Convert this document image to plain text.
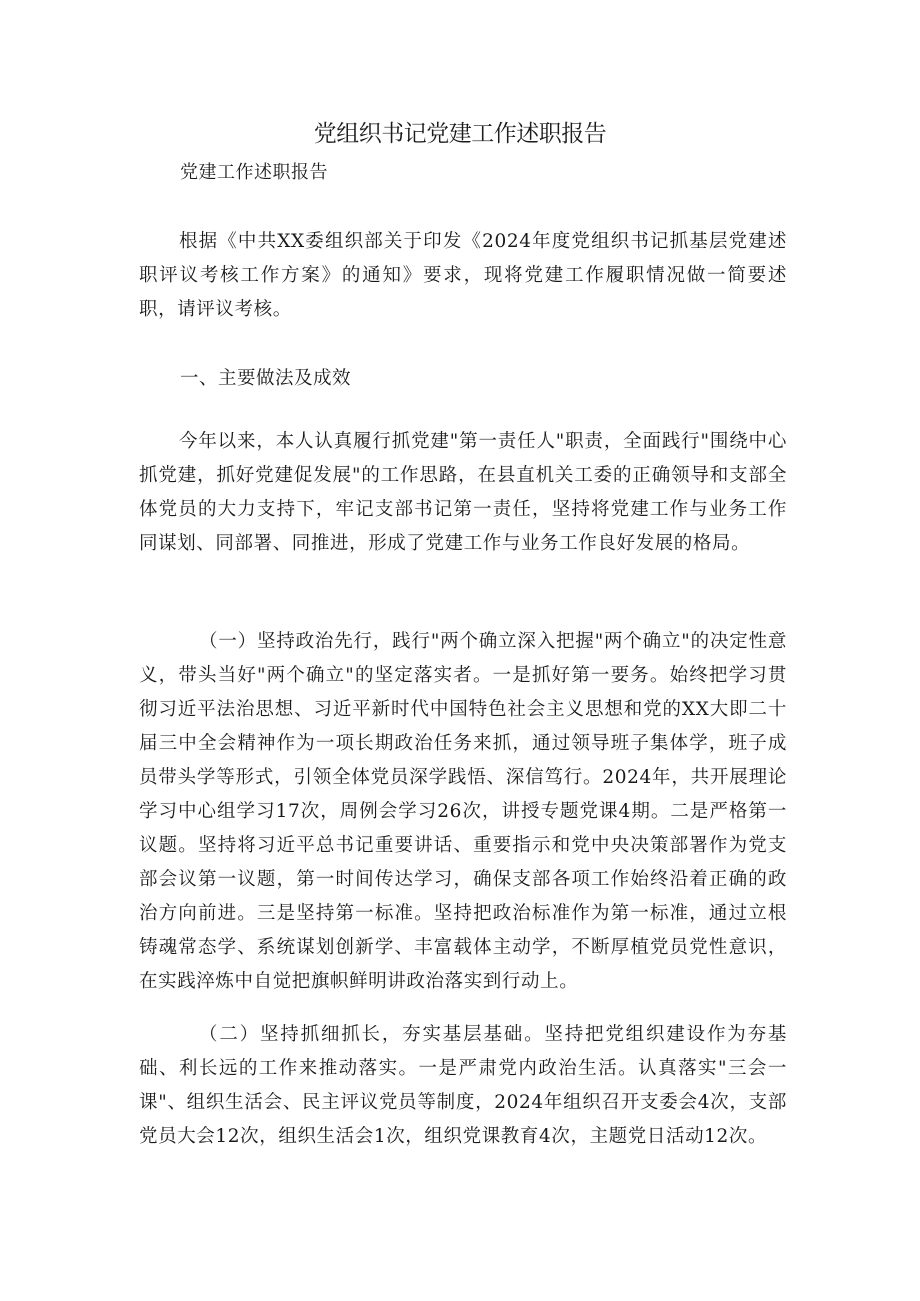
党组织书记党建工作述职报告
党建工作述职报告

根据《中共XX委组织部关于印发《2024年度党组织书记抓基层党建述职评议考核工作方案》的通知》要求，现将党建工作履职情况做一简要述职，请评议考核。

一、主要做法及成效

今年以来，本人认真履行抓党建"第一责任人"职责，全面践行"围绕中心抓党建，抓好党建促发展"的工作思路，在县直机关工委的正确领导和支部全体党员的大力支持下，牢记支部书记第一责任，坚持将党建工作与业务工作同谋划、同部署、同推进，形成了党建工作与业务工作良好发展的格局。

（一）坚持政治先行，践行"两个确立深入把握"两个确立"的决定性意义，带头当好"两个确立"的坚定落实者。一是抓好第一要务。始终把学习贯彻习近平法治思想、习近平新时代中国特色社会主义思想和党的XX大即二十届三中全会精神作为一项长期政治任务来抓，通过领导班子集体学，班子成员带头学等形式，引领全体党员深学践悟、深信笃行。2024年，共开展理论学习中心组学习17次，周例会学习26次，讲授专题党课4期。二是严格第一议题。坚持将习近平总书记重要讲话、重要指示和党中央决策部署作为党支部会议第一议题，第一时间传达学习，确保支部各项工作始终沿着正确的政治方向前进。三是坚持第一标准。坚持把政治标准作为第一标准，通过立根铸魂常态学、系统谋划创新学、丰富载体主动学，不断厚植党员党性意识，在实践淬炼中自觉把旗帜鲜明讲政治落实到行动上。

（二）坚持抓细抓长，夯实基层基础。坚持把党组织建设作为夯基础、利长远的工作来推动落实。一是严肃党内政治生活。认真落实"三会一课"、组织生活会、民主评议党员等制度，2024年组织召开支委会4次，支部党员大会12次，组织生活会1次，组织党课教育4次，主题党日活动12次。
